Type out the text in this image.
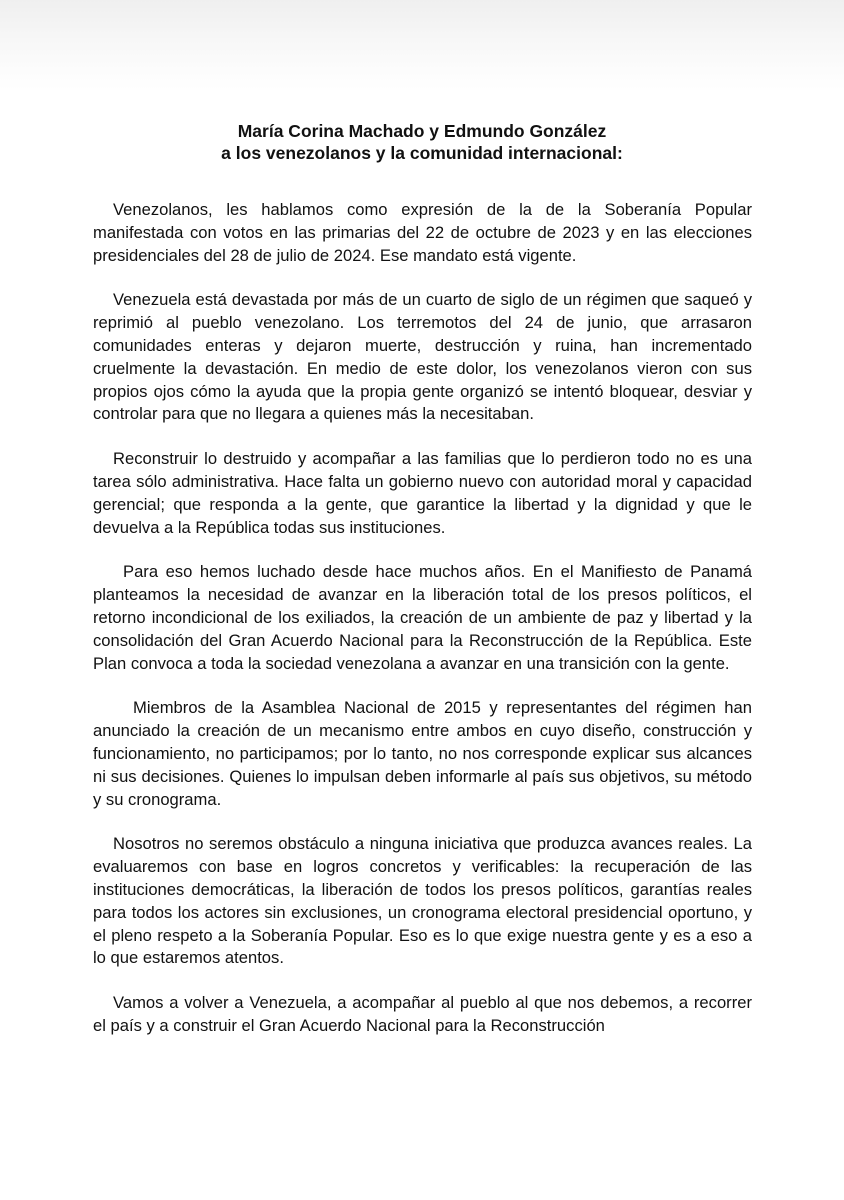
María Corina Machado y Edmundo González
a los venezolanos y la comunidad internacional:

Venezolanos, les hablamos como expresión de la de la Soberanía Popular manifestada con votos en las primarias del 22 de octubre de 2023 y en las elecciones presidenciales del 28 de julio de 2024. Ese mandato está vigente.

Venezuela está devastada por más de un cuarto de siglo de un régimen que saqueó y reprimió al pueblo venezolano. Los terremotos del 24 de junio, que arrasaron comunidades enteras y dejaron muerte, destrucción y ruina, han incrementado cruelmente la devastación. En medio de este dolor, los venezolanos vieron con sus propios ojos cómo la ayuda que la propia gente organizó se intentó bloquear, desviar y controlar para que no llegara a quienes más la necesitaban.

Reconstruir lo destruido y acompañar a las familias que lo perdieron todo no es una tarea sólo administrativa. Hace falta un gobierno nuevo con autoridad moral y capacidad gerencial; que responda a la gente, que garantice la libertad y la dignidad y que le devuelva a la República todas sus instituciones.

Para eso hemos luchado desde hace muchos años. En el Manifiesto de Panamá planteamos la necesidad de avanzar en la liberación total de los presos políticos, el retorno incondicional de los exiliados, la creación de un ambiente de paz y libertad y la consolidación del Gran Acuerdo Nacional para la Reconstrucción de la República. Este Plan convoca a toda la sociedad venezolana a avanzar en una transición con la gente.

Miembros de la Asamblea Nacional de 2015 y representantes del régimen han anunciado la creación de un mecanismo entre ambos en cuyo diseño, construcción y funcionamiento, no participamos; por lo tanto, no nos corresponde explicar sus alcances ni sus decisiones. Quienes lo impulsan deben informarle al país sus objetivos, su método y su cronograma.

Nosotros no seremos obstáculo a ninguna iniciativa que produzca avances reales. La evaluaremos con base en logros concretos y verificables: la recuperación de las instituciones democráticas, la liberación de todos los presos políticos, garantías reales para todos los actores sin exclusiones, un cronograma electoral presidencial oportuno, y el pleno respeto a la Soberanía Popular. Eso es lo que exige nuestra gente y es a eso a lo que estaremos atentos.

Vamos a volver a Venezuela, a acompañar al pueblo al que nos debemos, a recorrer el país y a construir el Gran Acuerdo Nacional para la Reconstrucción
